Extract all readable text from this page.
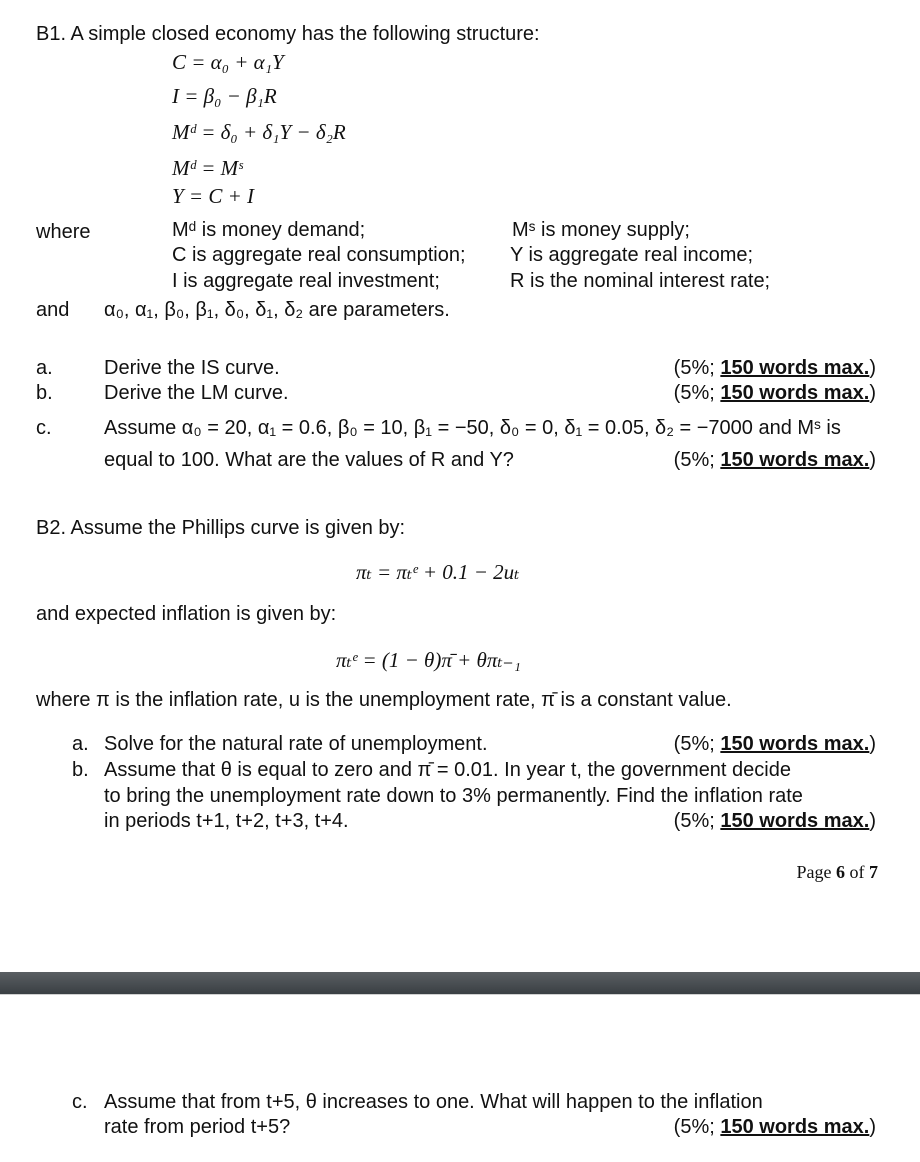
B1. A simple closed economy has the following structure:
C = α₀ + α₁Y
I = β₀ − β₁R
Mᵈ = δ₀ + δ₁Y − δ₂R
Mᵈ = Mˢ
Y = C + I
where	Mᵈ is money demand;	Mˢ is money supply;
C is aggregate real consumption; Y is aggregate real income;
I is aggregate real investment;	R is the nominal interest rate;
and α₀, α₁, β₀, β₁, δ₀, δ₁, δ₂ are parameters.
a.	Derive the IS curve.	(5%; 150 words max.)
b.	Derive the LM curve.	(5%; 150 words max.)
c.	Assume α₀ = 20, α₁ = 0.6, β₀ = 10, β₁ = −50, δ₀ = 0, δ₁ = 0.05, δ₂ = −7000 and Mˢ is
equal to 100. What are the values of R and Y?	(5%; 150 words max.)
B2. Assume the Phillips curve is given by:
πₜ = πₜᵉ + 0.1 − 2uₜ
and expected inflation is given by:
πₜᵉ = (1 − θ)π̄ + θπₜ₋₁
where π is the inflation rate, u is the unemployment rate, π̄ is a constant value.
a. Solve for the natural rate of unemployment.	(5%; 150 words max.)
b. Assume that θ is equal to zero and π̄ = 0.01. In year t, the government decide
to bring the unemployment rate down to 3% permanently. Find the inflation rate
in periods t+1, t+2, t+3, t+4.	(5%; 150 words max.)
Page 6 of 7
c. Assume that from t+5, θ increases to one. What will happen to the inflation
rate from period t+5?	(5%; 150 words max.)
